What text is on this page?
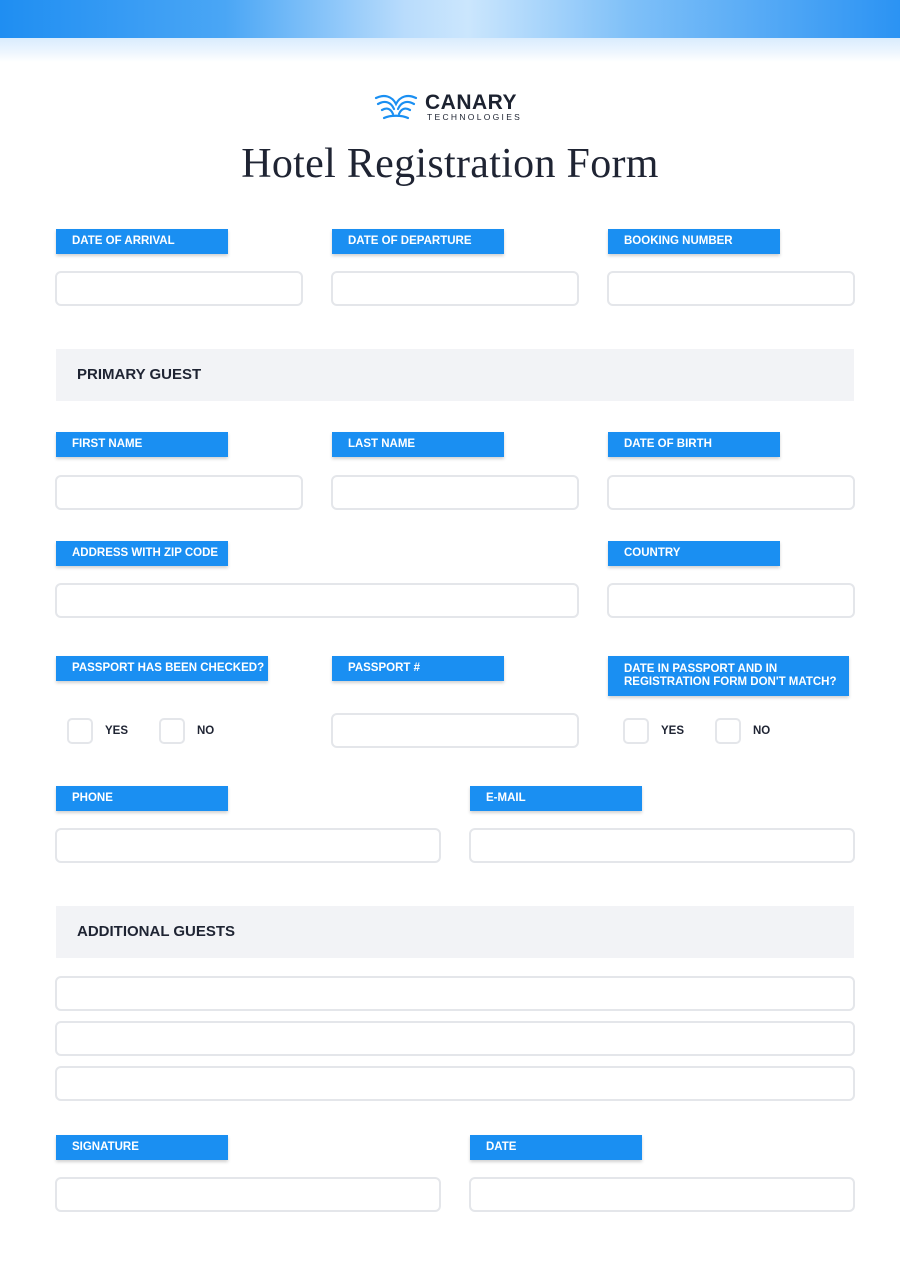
CANARY
TECHNOLOGIES
Hotel Registration Form
DATE OF ARRIVAL	DATE OF DEPARTURE	BOOKING NUMBER
PRIMARY GUEST
FIRST NAME	LAST NAME	DATE OF BIRTH
ADDRESS WITH ZIP CODE	COUNTRY
PASSPORT HAS BEEN CHECKED?	PASSPORT #	DATE IN PASSPORT AND IN REGISTRATION FORM DON'T MATCH?
YES	NO	YES	NO
PHONE	E-MAIL
ADDITIONAL GUESTS
SIGNATURE	DATE
